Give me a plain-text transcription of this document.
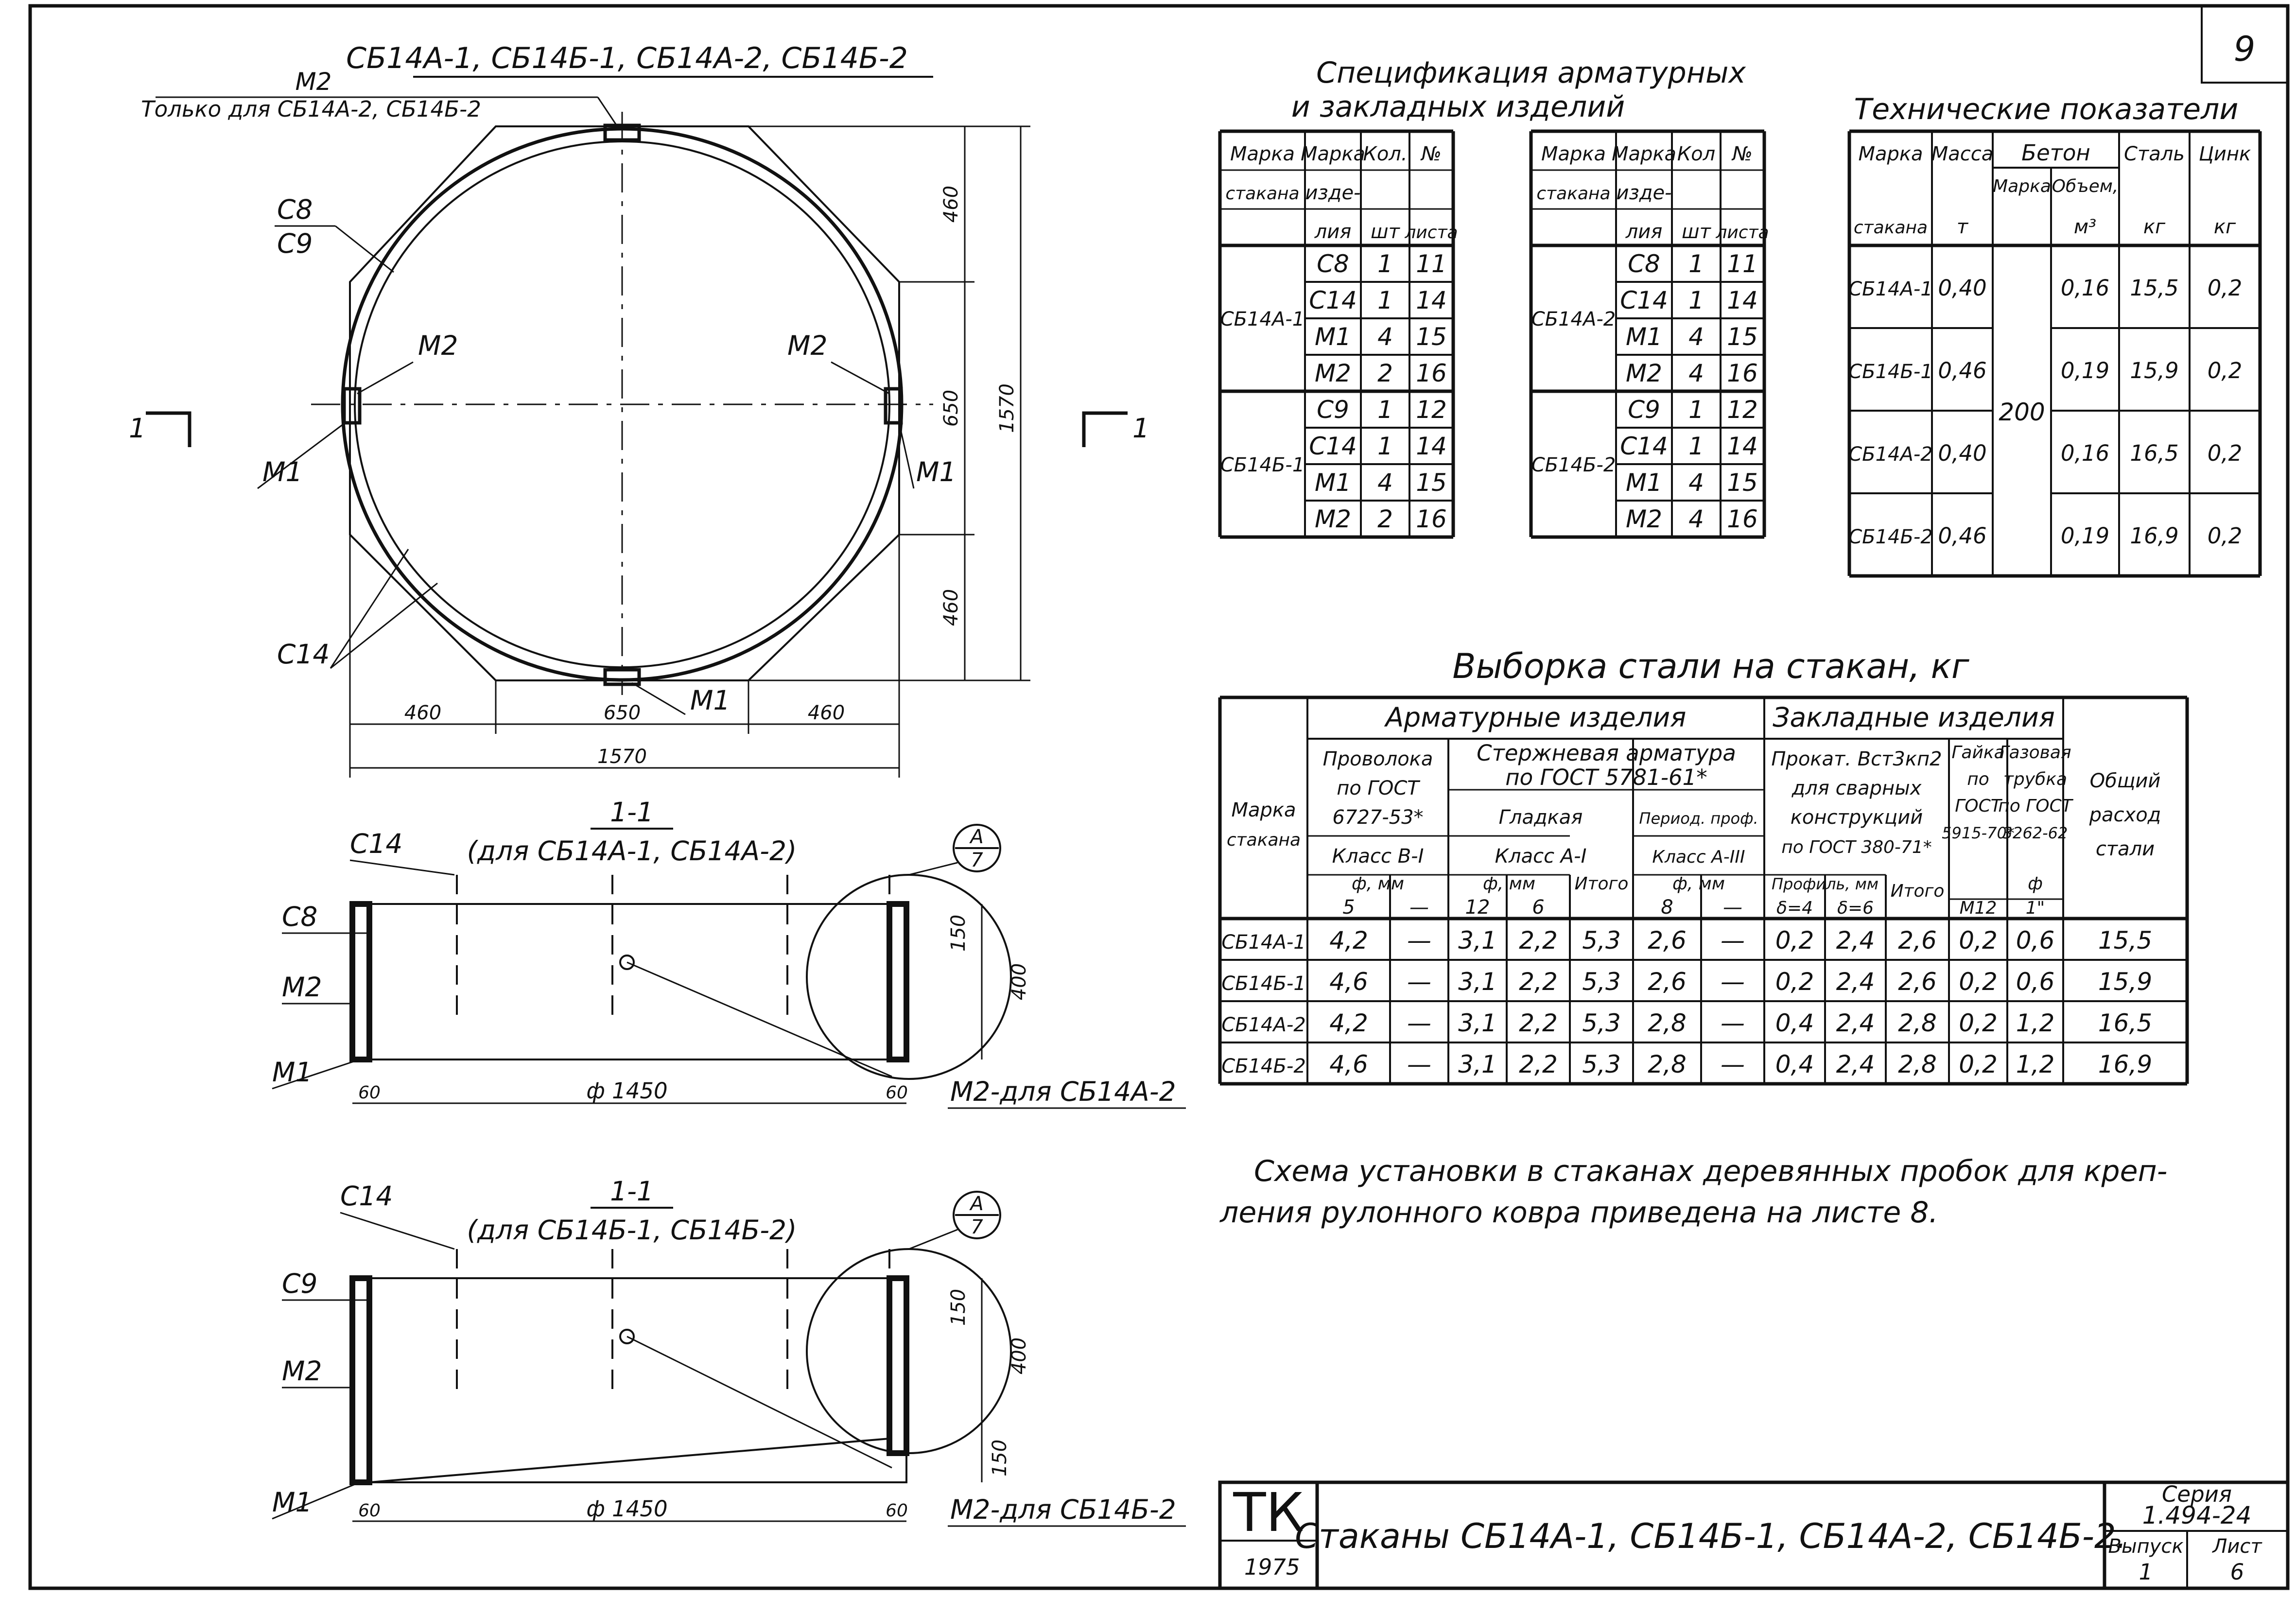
9
СБ14А-1, СБ14Б-1, СБ14А-2, СБ14Б-2
М2
Только для СБ14А-2, СБ14Б-2
С8
С9
М2	М2
М1	М1
С14
М1
1	1
460
650
460
1570
460	650	460
1570
1-1
(для СБ14А-1, СБ14А-2)	А
7
С14
С8
М2
М1
150
400
60	60
ф 1450	М2-для СБ14А-2
1-1
(для СБ14Б-1, СБ14Б-2)
А
7
С14
С9
М2
М1
150
400
150
60	60
ф 1450	М2-для СБ14Б-2
Спецификация арматурных
и закладных изделий
Марка
стакана
Марка
изде-
лия
Кол.
шт
№
листа
СБ14А-1
С8 1 11
С14 1 14
М1 4 15
М2 2 16
СБ14Б-1
С9 1 12
С14 1 14
М1 4 15
М2 2 16
Марка
стакана
Марка
изде-
лия
Кол
шт
№
листа
СБ14А-2
С8 1 11
С14 1 14
М1 4 15
М2 4 16
СБ14Б-2
С9 1 12
С14 1 14
М1 4 15
М2 4 16
Технические показатели
Марка
стакана
Масса
т
Бетон
Марка Объем,
м³
Сталь
кг
Цинк
кг
200
СБ14А-1 0,40	0,16 15,5 0,2
СБ14Б-1 0,46	0,19 15,9 0,2
СБ14А-2 0,40	0,16 16,5 0,2
СБ14Б-2 0,46	0,19 16,9 0,2
Выборка стали на стакан, кг
Марка
стакана
Арматурные изделия	Закладные изделия
Общий
расход
стали
Проволока
по ГОСТ
6727-53*
Класс В-I
ф, мм
5	—
Стержневая арматура
по ГОСТ 5781-61*
Гладкая
Класс А-I
ф, мм
12 6
Итого
Период. проф.
Класс А-III
ф, мм
8	—
Прокат. Вст3кп2
для сварных
конструкций
по ГОСТ 380-71*
Профиль, мм
δ=4 δ=6
Итого
Гайка
по
ГОСТ
5915-70*
М12
Газовая
трубка
по ГОСТ
3262-62
ф
1"
СБ14А-1 4,2 — 3,1 2,2 5,3 2,6 — 0,2 2,4 2,6 0,2 0,6 15,5
СБ14Б-1 4,6 — 3,1 2,2 5,3 2,6 — 0,2 2,4 2,6 0,2 0,6 15,9
СБ14А-2 4,2 — 3,1 2,2 5,3 2,8 — 0,4 2,4 2,8 0,2 1,2 16,5
СБ14Б-2 4,6 — 3,1 2,2 5,3 2,8 — 0,4 2,4 2,8 0,2 1,2 16,9
Схема установки в стаканах деревянных пробок для креп-
ления рулонного ковра приведена на листе 8.
ТК
1975
Стаканы СБ14А-1, СБ14Б-1, СБ14А-2, СБ14Б-2.
Серия
1.494-24
Выпуск
1
Лист
6
